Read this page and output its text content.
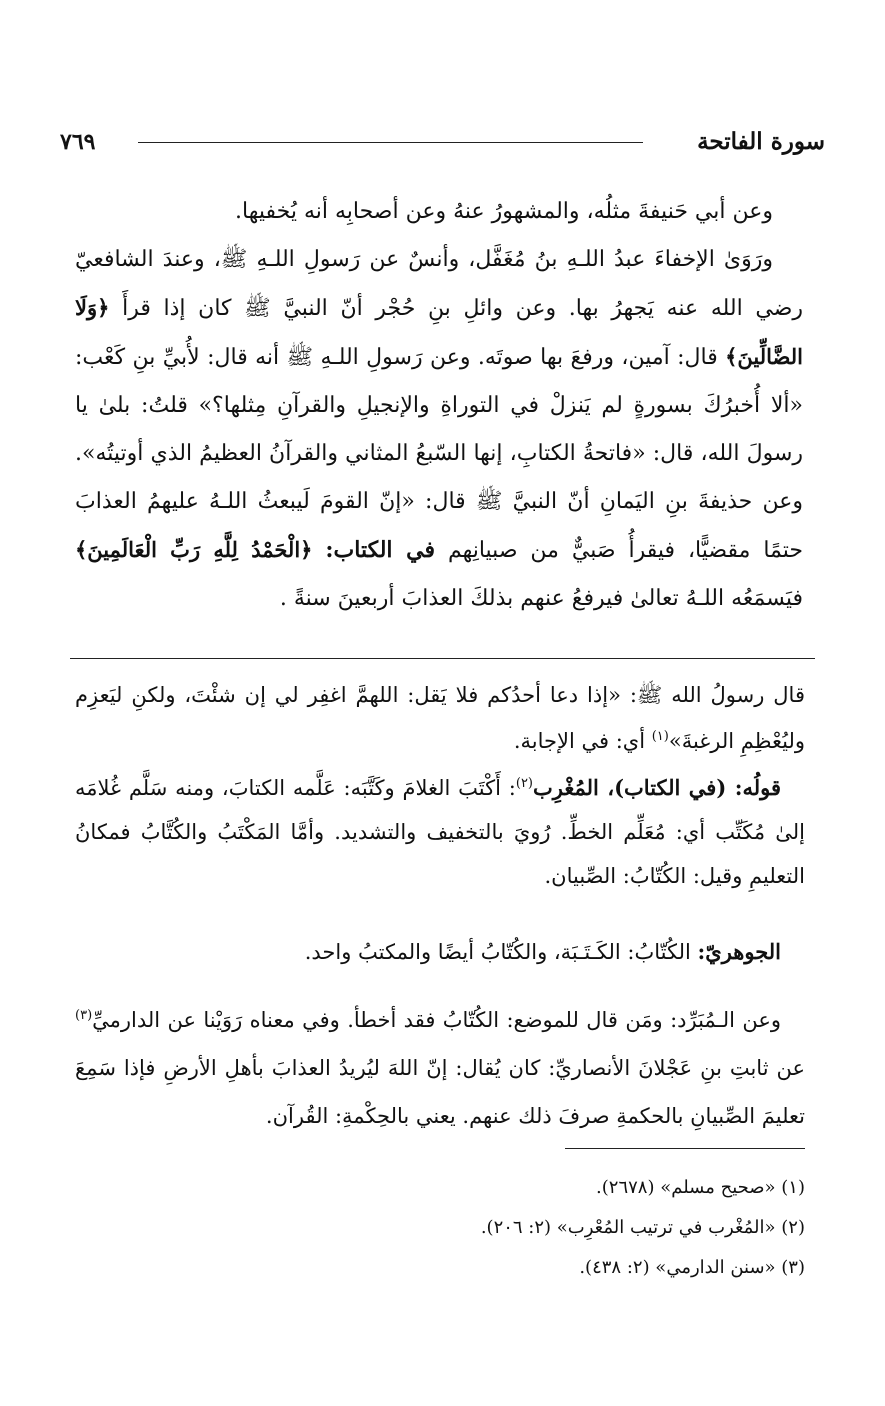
سورة الفاتحة
٧٦٩

وعن أبي حَنيفةَ مثلُه، والمشهورُ عنهُ وعن أصحابِه أنه يُخفيها.

ورَوَىٰ الإخفاءَ عبدُ اللـهِ بنُ مُغَفَّل، وأنسٌ عن رَسولِ اللـهِ ﷺ، وعندَ الشافعيّ رضي الله عنه يَجهرُ بها. وعن وائلِ بنِ حُجْر أنّ النبيَّ ﷺ كان إذا قرأَ ﴿وَلَا الضَّالِّينَ﴾ قال: آمين، ورفعَ بها صوتَه. وعن رَسولِ اللـهِ ﷺ أنه قال: لأُبيِّ بنِ كَعْب: «ألا أُخبرُكَ بسورةٍ لم يَنزلْ في التوراةِ والإنجيلِ والقرآنِ مِثلها؟» قلتُ: بلىٰ يا رسولَ الله، قال: «فاتحةُ الكتابِ، إنها السّبعُ المثاني والقرآنُ العظيمُ الذي أوتيتُه». وعن حذيفةَ بنِ اليَمانِ أنّ النبيَّ ﷺ قال: «إنّ القومَ لَيبعثُ اللـهُ عليهمُ العذابَ حتمًا مقضيًّا، فيقرأُ صَبيٌّ من صبيانِهم في الكتاب: ﴿الْحَمْدُ لِلَّهِ رَبِّ الْعَالَمِينَ﴾ فيَسمَعُه اللـهُ تعالىٰ فيرفعُ عنهم بذلكَ العذابَ أربعينَ سنةً .

قال رسولُ الله ﷺ: «إذا دعا أحدُكم فلا يَقل: اللهمَّ اغفِر لي إن شئْتَ، ولكنِ ليَعزِم وليُعْظِمِ الرغبةَ»$^{(١)}$ أي: في الإجابة.

قولُه: (في الكتاب)، المُغْرِب$^{(٢)}$: أَكْتَبَ الغلامَ وكَتَّبَه: عَلَّمه الكتابَ، ومنه سَلَّم غُلامَه إلىٰ مُكَتِّب أي: مُعَلِّم الخطِّ. رُويَ بالتخفيف والتشديد. وأمَّا المَكْتَبُ والكُتَّابُ فمكانُ التعليمِ وقيل: الكُتّابُ: الصِّبيان.

الجوهريّ: الكُتّابُ: الكَـتَـبَة، والكُتّابُ أيضًا والمكتبُ واحد.

وعن الـمُبَرِّد: ومَن قال للموضع: الكُتّابُ فقد أخطأ. وفي معناه رَوَيْنا عن الدارميِّ$^{(٣)}$ عن ثابتِ بنِ عَجْلانَ الأنصاريِّ: كان يُقال: إنّ اللهَ ليُريدُ العذابَ بأهلِ الأرضِ فإذا سَمِعَ تعليمَ الصِّبيانِ بالحكمةِ صرفَ ذلك عنهم. يعني بالحِكْمةِ: القُرآن.

(١) «صحيح مسلم» (٢٦٧٨).
(٢) «المُغْرب في ترتيب المُعْرِب» (٢: ٢٠٦).
(٣) «سنن الدارمي» (٢: ٤٣٨).
